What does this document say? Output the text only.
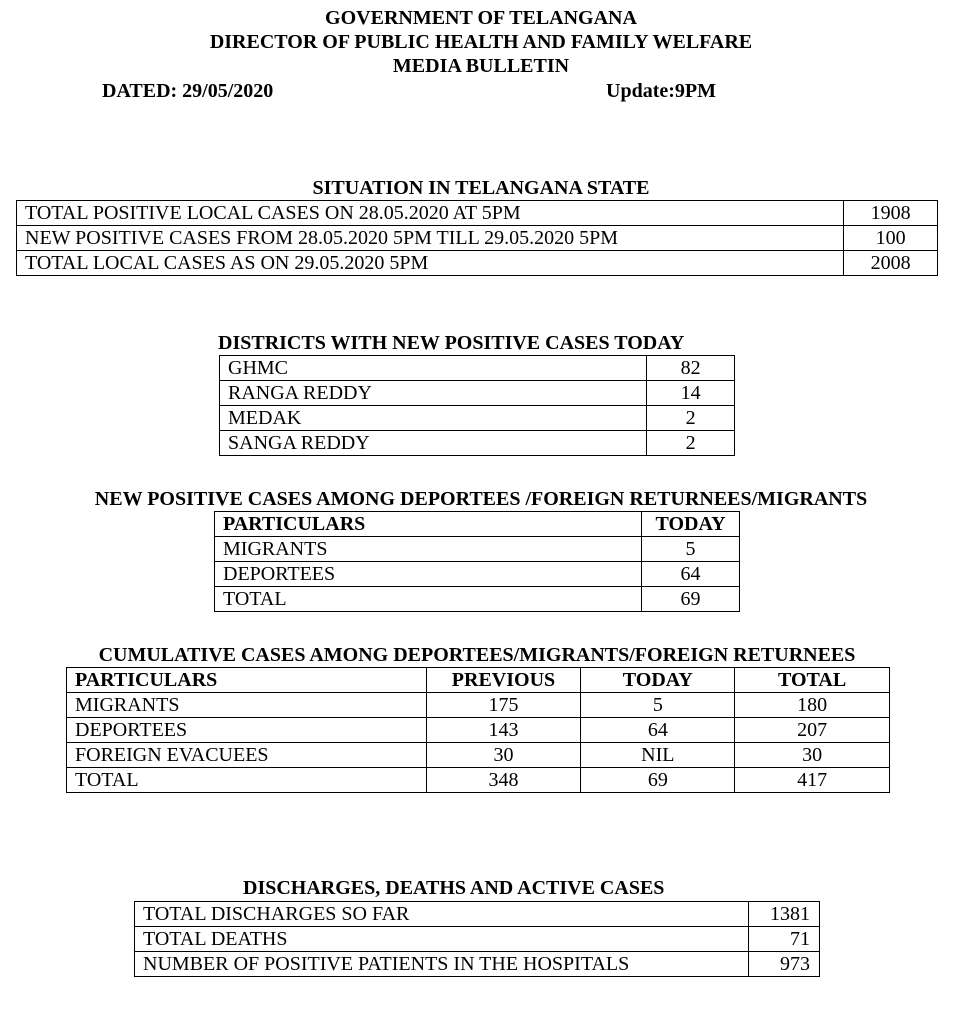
GOVERNMENT OF TELANGANA
DIRECTOR OF PUBLIC HEALTH AND FAMILY WELFARE
MEDIA BULLETIN
DATED: 29/05/2020	Update:9PM
SITUATION IN TELANGANA STATE
TOTAL POSITIVE LOCAL CASES ON 28.05.2020 AT 5PM	1908
NEW POSITIVE CASES FROM 28.05.2020 5PM TILL 29.05.2020 5PM	100
TOTAL LOCAL CASES AS ON 29.05.2020 5PM	2008
DISTRICTS WITH NEW POSITIVE CASES TODAY
GHMC	82
RANGA REDDY	14
MEDAK	2
SANGA REDDY	2
NEW POSITIVE CASES AMONG DEPORTEES /FOREIGN RETURNEES/MIGRANTS
PARTICULARS	TODAY
MIGRANTS	5
DEPORTEES	64
TOTAL	69
CUMULATIVE CASES AMONG DEPORTEES/MIGRANTS/FOREIGN RETURNEES
PARTICULARS	PREVIOUS	TODAY	TOTAL
MIGRANTS	175	5	180
DEPORTEES	143	64	207
FOREIGN EVACUEES	30	NIL	30
TOTAL	348	69	417
DISCHARGES, DEATHS AND ACTIVE CASES
TOTAL DISCHARGES SO FAR	1381
TOTAL DEATHS	71
NUMBER OF POSITIVE PATIENTS IN THE HOSPITALS	973
